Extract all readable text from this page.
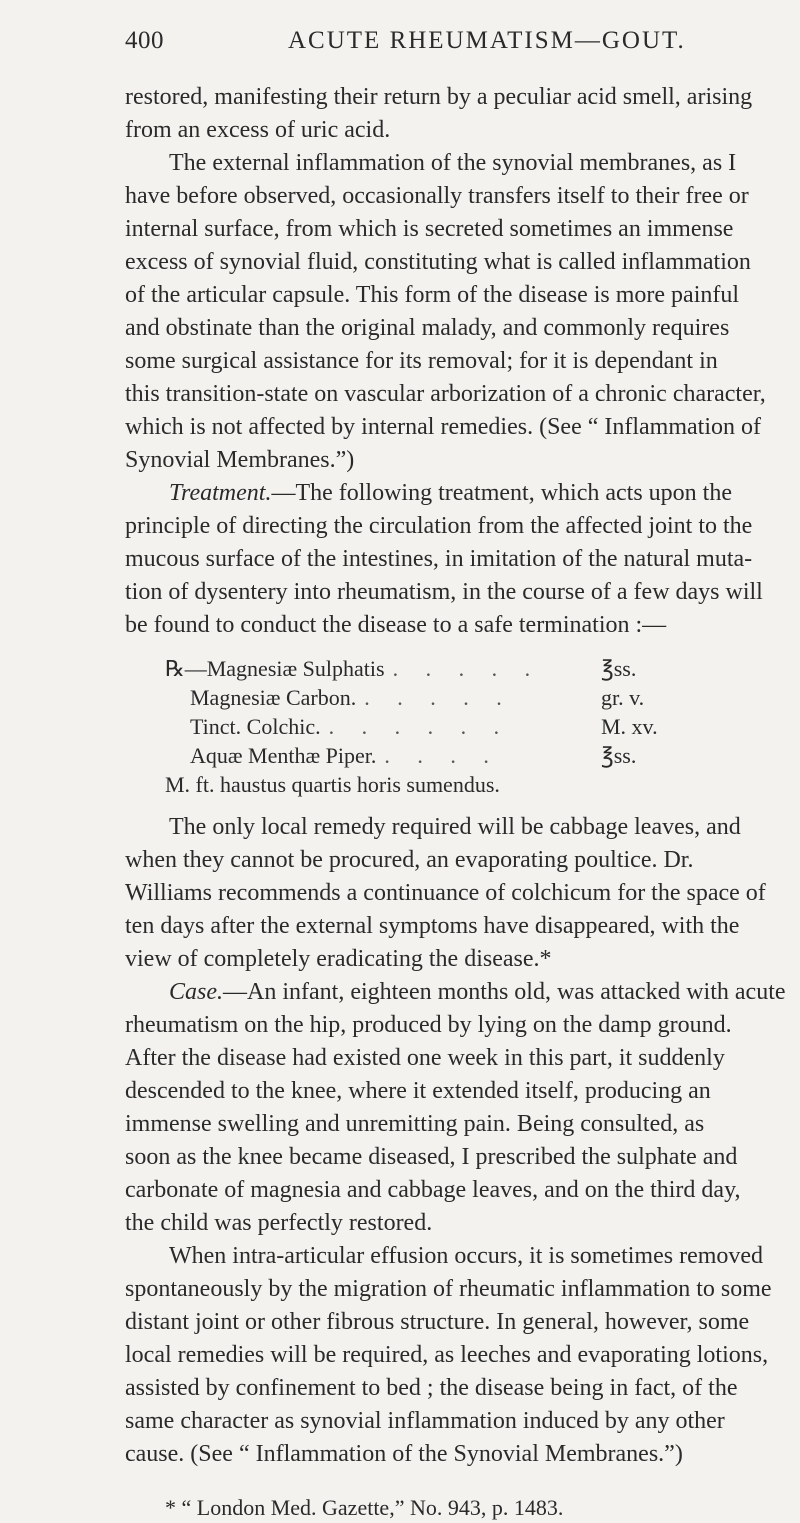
400	ACUTE RHEUMATISM—GOUT.
restored, manifesting their return by a peculiar acid smell, arising
from an excess of uric acid.
The external inflammation of the synovial membranes, as I
have before observed, occasionally transfers itself to their free or
internal surface, from which is secreted sometimes an immense
excess of synovial fluid, constituting what is called inflammation
of the articular capsule. This form of the disease is more painful
and obstinate than the original malady, and commonly requires
some surgical assistance for its removal; for it is dependant in
this transition-state on vascular arborization of a chronic character,
which is not affected by internal remedies. (See “ Inflammation of
Synovial Membranes.”)
Treatment.—The following treatment, which acts upon the
principle of directing the circulation from the affected joint to the
mucous surface of the intestines, in imitation of the natural muta-
tion of dysentery into rheumatism, in the course of a few days will
be found to conduct the disease to a safe termination :—
℞—Magnesiæ Sulphatis . . . . .	℥ss.
Magnesiæ Carbon. . . . . .	gr. v.
Tinct. Colchic. . . . . . .	M. xv.
Aquæ Menthæ Piper. . . . .	℥ss.
M. ft. haustus quartis horis sumendus.
The only local remedy required will be cabbage leaves, and
when they cannot be procured, an evaporating poultice. Dr.
Williams recommends a continuance of colchicum for the space of
ten days after the external symptoms have disappeared, with the
view of completely eradicating the disease.*
Case.—An infant, eighteen months old, was attacked with acute
rheumatism on the hip, produced by lying on the damp ground.
After the disease had existed one week in this part, it suddenly
descended to the knee, where it extended itself, producing an
immense swelling and unremitting pain. Being consulted, as
soon as the knee became diseased, I prescribed the sulphate and
carbonate of magnesia and cabbage leaves, and on the third day,
the child was perfectly restored.
When intra-articular effusion occurs, it is sometimes removed
spontaneously by the migration of rheumatic inflammation to some
distant joint or other fibrous structure. In general, however, some
local remedies will be required, as leeches and evaporating lotions,
assisted by confinement to bed ; the disease being in fact, of the
same character as synovial inflammation induced by any other
cause. (See “ Inflammation of the Synovial Membranes.”)
* “ London Med. Gazette,” No. 943, p. 1483.
